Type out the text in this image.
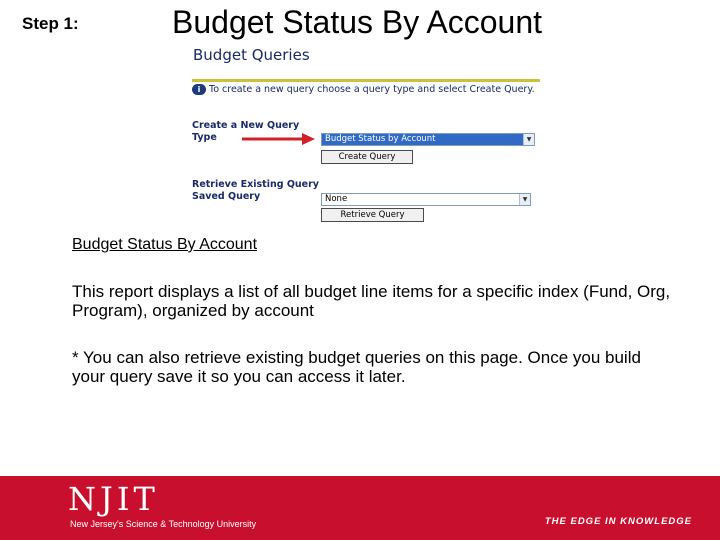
Step 1:	Budget Status By Account
Budget Queries
i To create a new query choose a query type and select Create Query.
Create a New Query
Type	Budget Status by Account	▼
Create Query
Retrieve Existing Query
Saved Query	None	▼
Retrieve Query
Budget Status By Account
This report displays a list of all budget line items for a specific index (Fund, Org, Program), organized by account
* You can also retrieve existing budget queries on this page. Once you build your query save it so you can access it later.
NJIT
New Jersey's Science & Technology University	THE EDGE IN KNOWLEDGE
